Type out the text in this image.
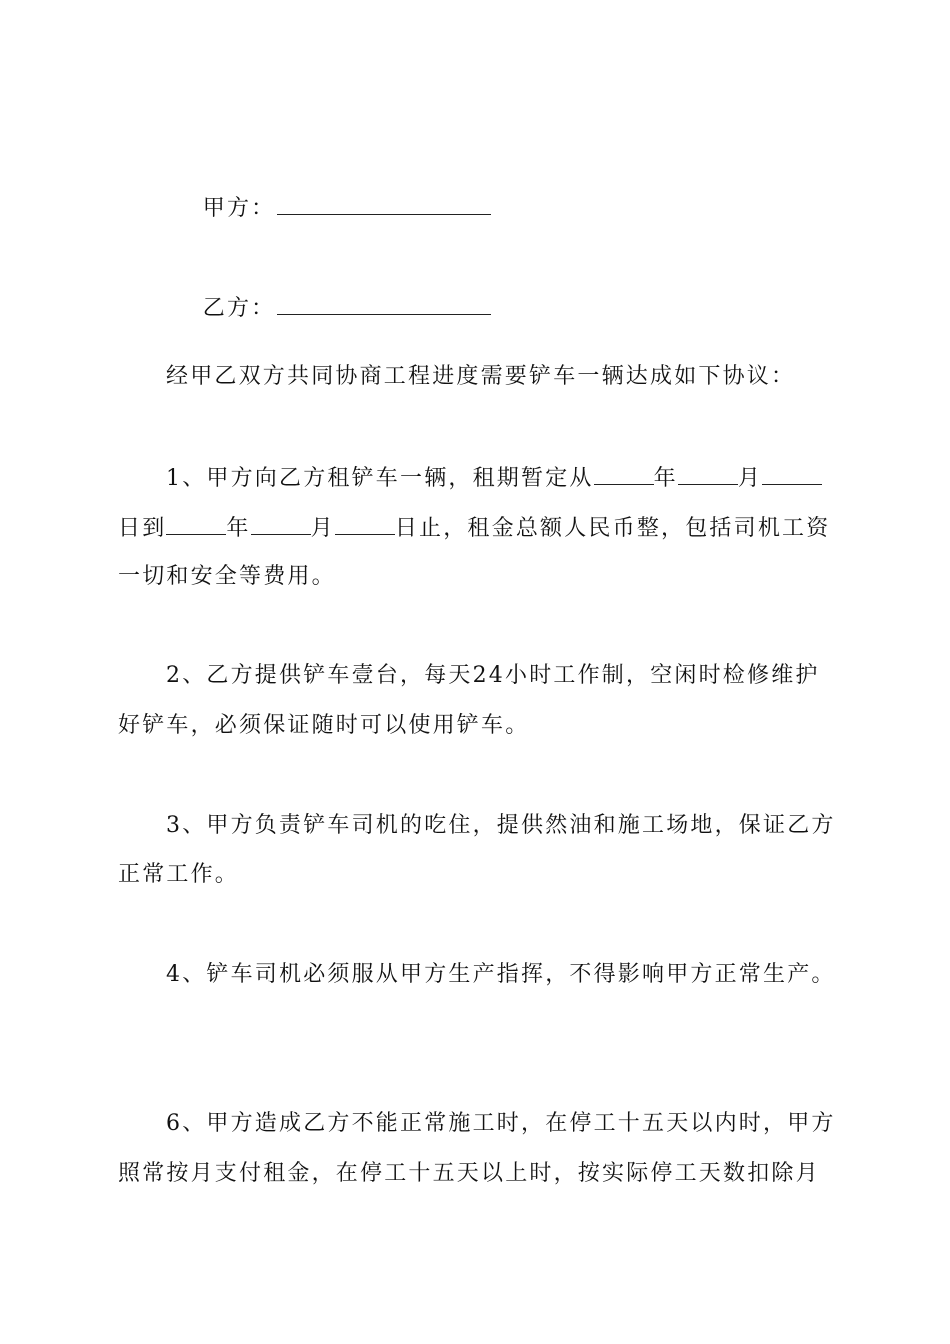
甲方：

乙方：

经甲乙双方共同协商工程进度需要铲车一辆达成如下协议：
1、甲方向乙方租铲车一辆，租期暂定从	年	月
日到	年	月	日止，租金总额人民币整，包括司机工资
一切和安全等费用。
2、乙方提供铲车壹台，每天24小时工作制，空闲时检修维护
好铲车，必须保证随时可以使用铲车。
3、甲方负责铲车司机的吃住，提供然油和施工场地，保证乙方
正常工作。
4、铲车司机必须服从甲方生产指挥，不得影响甲方正常生产。
6、甲方造成乙方不能正常施工时，在停工十五天以内时，甲方
照常按月支付租金，在停工十五天以上时，按实际停工天数扣除月
